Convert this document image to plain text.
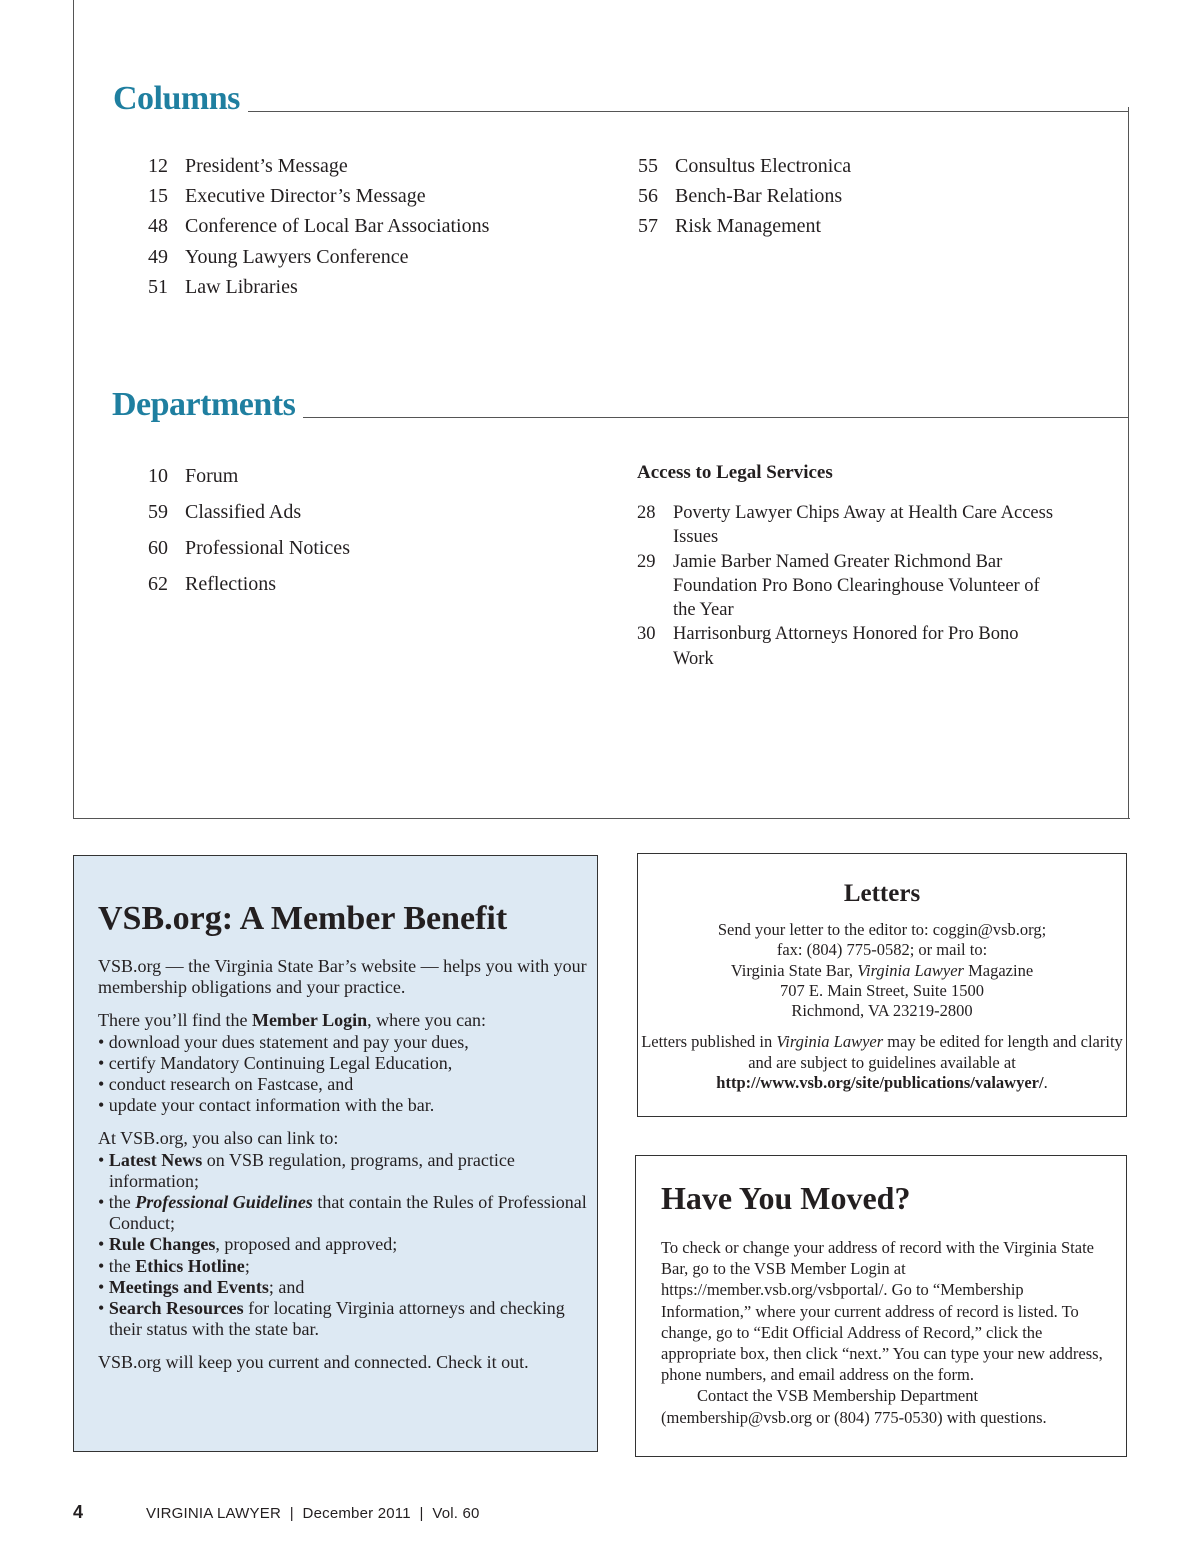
Columns
12 President’s Message
15 Executive Director’s Message
48 Conference of Local Bar Associations
49 Young Lawyers Conference
51 Law Libraries
55 Consultus Electronica
56 Bench-Bar Relations
57 Risk Management
Departments
10 Forum
59 Classified Ads
60 Professional Notices
62 Reflections
Access to Legal Services
28 Poverty Lawyer Chips Away at Health Care Access Issues
29 Jamie Barber Named Greater Richmond Bar Foundation Pro Bono Clearinghouse Volunteer of the Year
30 Harrisonburg Attorneys Honored for Pro Bono Work
VSB.org: A Member Benefit

VSB.org — the Virginia State Bar’s website — helps you with your membership obligations and your practice.

There you’ll find the Member Login, where you can:

• download your dues statement and pay your dues,
• certify Mandatory Continuing Legal Education,
• conduct research on Fastcase, and
• update your contact information with the bar.

At VSB.org, you also can link to:

• Latest News on VSB regulation, programs, and practice information;
• the Professional Guidelines that contain the Rules of Professional Conduct;
• Rule Changes, proposed and approved;
• the Ethics Hotline;
• Meetings and Events; and
• Search Resources for locating Virginia attorneys and checking their status with the state bar.

VSB.org will keep you current and connected. Check it out.

Letters
Send your letter to the editor to: coggin@vsb.org;
fax: (804) 775-0582; or mail to:
Virginia State Bar, Virginia Lawyer Magazine
707 E. Main Street, Suite 1500
Richmond, VA 23219-2800

Letters published in Virginia Lawyer may be edited for length and clarity and are subject to guidelines available at
http://www.vsb.org/site/publications/valawyer/.

Have You Moved?

To check or change your address of record with the Virginia State Bar, go to the VSB Member Login at https://member.vsb.org/vsbportal/. Go to “Membership Information,” where your current address of record is listed. To change, go to “Edit Official Address of Record,” click the appropriate box, then click “next.” You can type your new address, phone numbers, and email address on the form.

Contact the VSB Membership Department (membership@vsb.org or (804) 775-0530) with questions.

4	VIRGINIA LAWYER  |  December 2011  |  Vol. 60
